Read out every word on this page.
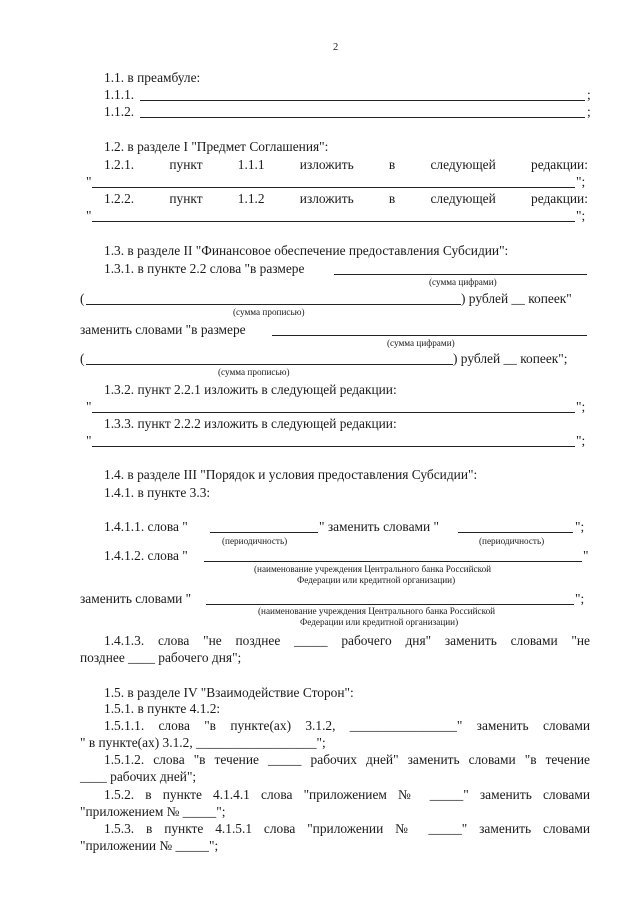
2
1.1. в преамбуле:
1.1.1.	;
1.1.2.	;
1.2. в разделе I "Предмет Соглашения":
1.2.1.	пункт	1.1.1	изложить	в	следующей	редакции:
"	";
1.2.2.	пункт	1.1.2	изложить	в	следующей	редакции:
"	";
1.3. в разделе II "Финансовое обеспечение предоставления Субсидии":
1.3.1. в пункте 2.2 слова "в размере
(сумма цифрами)
(	) рублей __ копеек"
(сумма прописью)
заменить словами "в размере
(сумма цифрами)
(	) рублей __ копеек";
(сумма прописью)
1.3.2. пункт 2.2.1 изложить в следующей редакции:
"	";
1.3.3. пункт 2.2.2 изложить в следующей редакции:
"	";
1.4. в разделе III "Порядок и условия предоставления Субсидии":
1.4.1. в пункте 3.3:
1.4.1.1. слова "	" заменить словами "	";
(периодичность)	(периодичность)
1.4.1.2. слова "	"
(наименование учреждения Центрального банка Российской
Федерации или кредитной организации)
заменить словами "	";
(наименование учреждения Центрального банка Российской
Федерации или кредитной организации)
1.4.1.3. слова "не позднее _____ рабочего дня" заменить словами "не
позднее ____ рабочего дня";
1.5. в разделе IV "Взаимодействие Сторон":
1.5.1. в пункте 4.1.2:
1.5.1.1. слова "в пункте(ах) 3.1.2, ________________" заменить словами
" в пункте(ах) 3.1.2, __________________";
1.5.1.2. слова "в течение _____ рабочих дней" заменить словами "в течение
____ рабочих дней";
1.5.2. в пункте 4.1.4.1 слова "приложением № _____" заменить словами
"приложением № _____";
1.5.3. в пункте 4.1.5.1 слова "приложении № _____" заменить словами
"приложении № _____";
